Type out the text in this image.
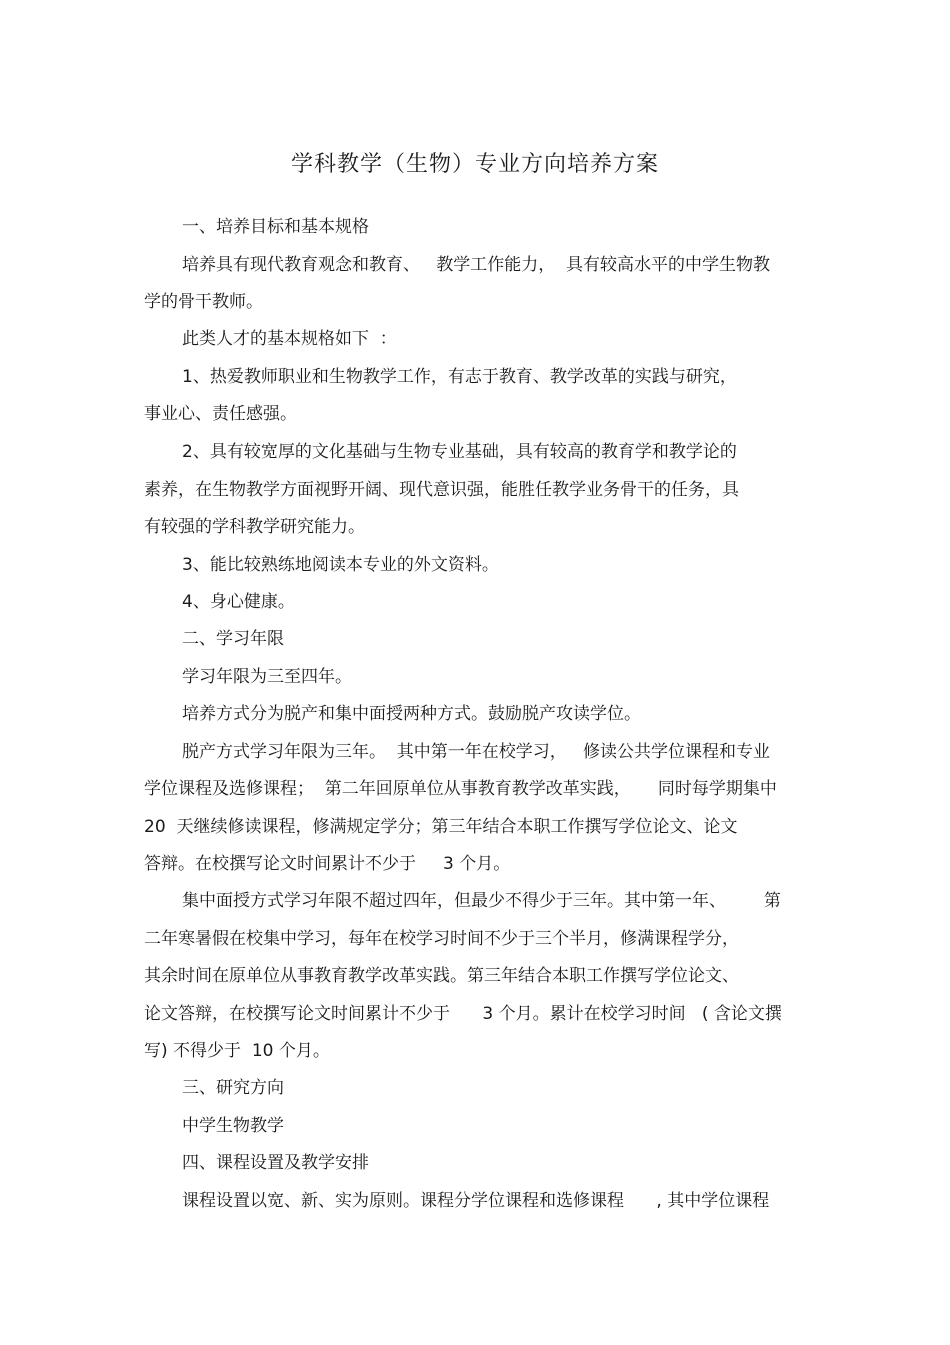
学科教学（生物）专业方向培养方案
一、培养目标和基本规格
培养具有现代教育观念和教育、   教学工作能力，  具有较高水平的中学生物教
学的骨干教师。
此类人才的基本规格如下  ：
1、热爱教师职业和生物教学工作，有志于教育、教学改革的实践与研究，
事业心、责任感强。
2、具有较宽厚的文化基础与生物专业基础，具有较高的教育学和教学论的
素养，在生物教学方面视野开阔、现代意识强，能胜任教学业务骨干的任务，具
有较强的学科教学研究能力。
3、能比较熟练地阅读本专业的外文资料。
4、身心健康。
二、学习年限
学习年限为三至四年。
培养方式分为脱产和集中面授两种方式。鼓励脱产攻读学位。
脱产方式学习年限为三年。  其中第一年在校学习，   修读公共学位课程和专业
学位课程及选修课程；  第二年回原单位从事教育教学改革实践，     同时每学期集中
20  天继续修读课程，修满规定学分；第三年结合本职工作撰写学位论文、论文
答辩。在校撰写论文时间累计不少于     3 个月。
集中面授方式学习年限不超过四年，但最少不得少于三年。其中第一年、       第
二年寒暑假在校集中学习，每年在校学习时间不少于三个半月，修满课程学分，
其余时间在原单位从事教育教学改革实践。第三年结合本职工作撰写学位论文、
论文答辩，在校撰写论文时间累计不少于      3 个月。累计在校学习时间   ( 含论文撰
写) 不得少于  10 个月。
三、研究方向
中学生物教学
四、课程设置及教学安排
课程设置以宽、新、实为原则。课程分学位课程和选修课程      , 其中学位课程
